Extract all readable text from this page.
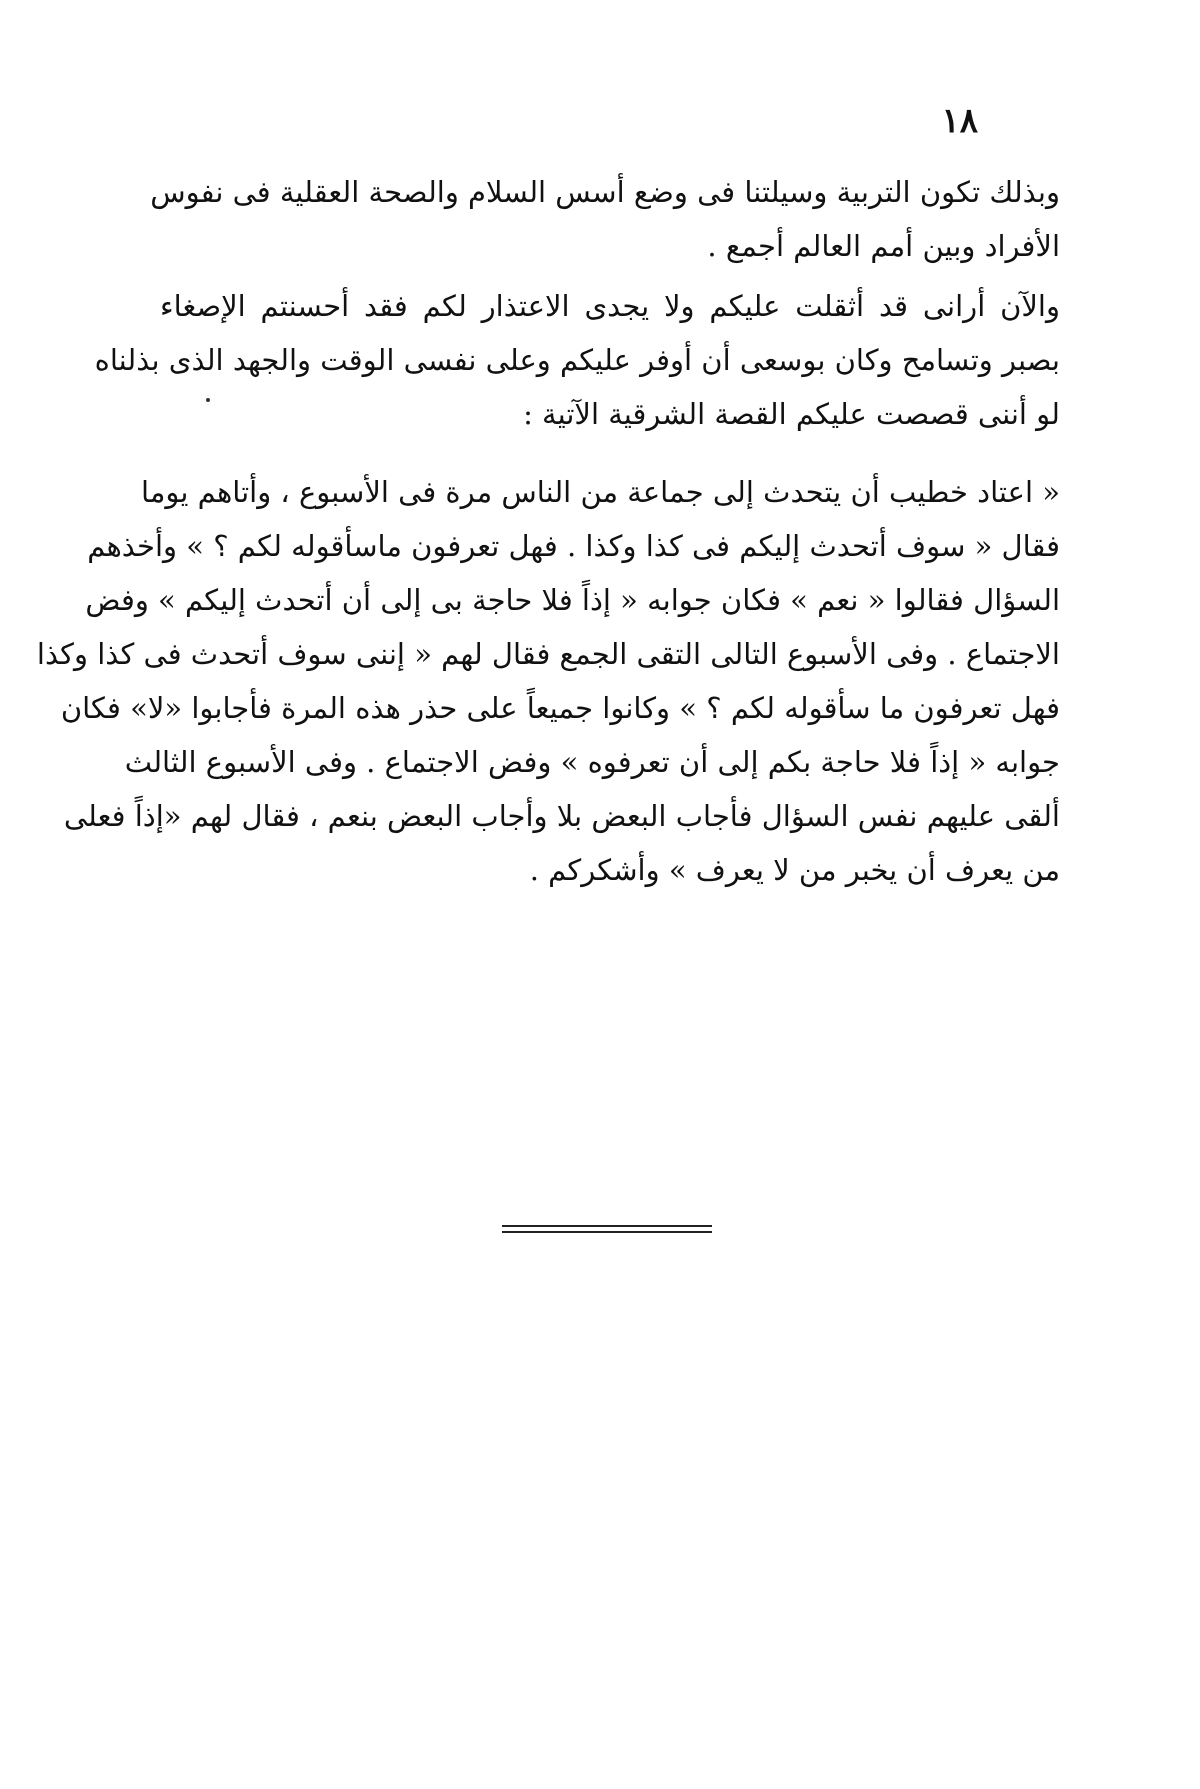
١٨
وبذلك تكون التربية وسيلتنا فى وضع أسس السلام والصحة العقلية فى نفوس
الأفراد وبين أمم العالم أجمع .
والآن أرانى قد أثقلت عليكم ولا يجدى الاعتذار لكم فقد أحسنتم الإصغاء
بصبر وتسامح وكان بوسعى أن أوفر عليكم وعلى نفسى الوقت والجهد الذى بذلناه
لو أننى قصصت عليكم القصة الشرقية الآتية :
« اعتاد خطيب أن يتحدث إلى جماعة من الناس مرة فى الأسبوع ، وأتاهم يوما
فقال « سوف أتحدث إليكم فى كذا وكذا . فهل تعرفون ماسأقوله لكم ؟ » وأخذهم
السؤال فقالوا « نعم » فكان جوابه « إذاً فلا حاجة بى إلى أن أتحدث إليكم » وفض
الاجتماع . وفى الأسبوع التالى التقى الجمع فقال لهم « إننى سوف أتحدث فى كذا وكذا
فهل تعرفون ما سأقوله لكم ؟ » وكانوا جميعاً على حذر هذه المرة فأجابوا «لا» فكان
جوابه « إذاً فلا حاجة بكم إلى أن تعرفوه » وفض الاجتماع . وفى الأسبوع الثالث
ألقى عليهم نفس السؤال فأجاب البعض بلا وأجاب البعض بنعم ، فقال لهم «إذاً فعلى
من يعرف أن يخبر من لا يعرف » وأشكركم .
